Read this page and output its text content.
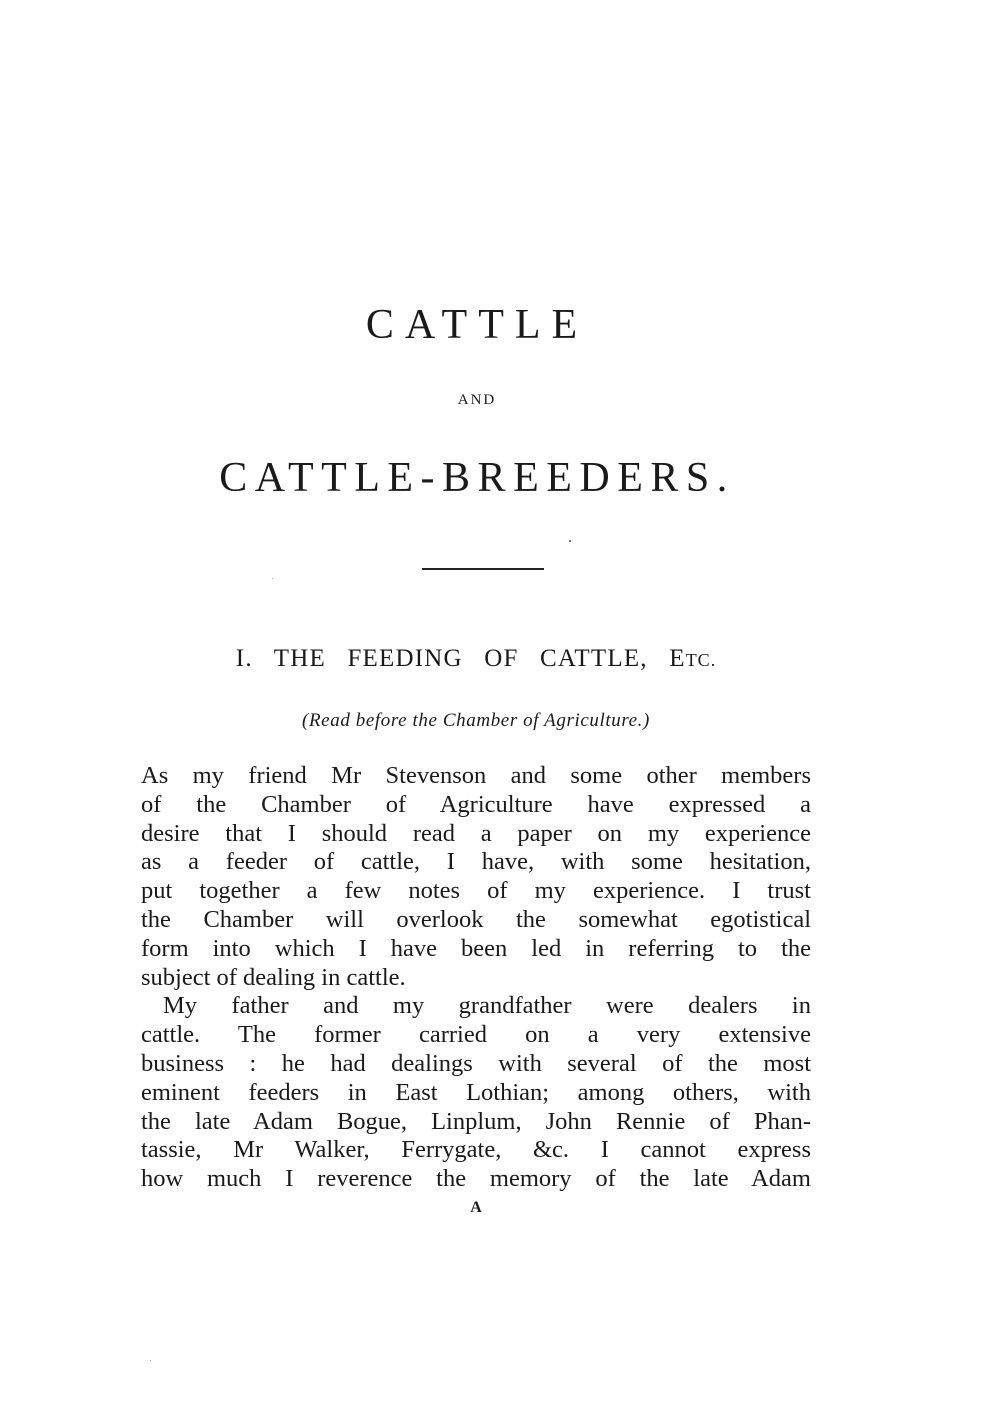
CATTLE
AND
CATTLE-BREEDERS.
I. THE FEEDING OF CATTLE, ETC.
(Read before the Chamber of Agriculture.)
As my friend Mr Stevenson and some other members
of the Chamber of Agriculture have expressed a
desire that I should read a paper on my experience
as a feeder of cattle, I have, with some hesitation,
put together a few notes of my experience. I trust
the Chamber will overlook the somewhat egotistical
form into which I have been led in referring to the
subject of dealing in cattle.
My father and my grandfather were dealers in
cattle. The former carried on a very extensive
business : he had dealings with several of the most
eminent feeders in East Lothian; among others, with
the late Adam Bogue, Linplum, John Rennie of Phan-
tassie, Mr Walker, Ferrygate, &c. I cannot express
how much I reverence the memory of the late Adam
A
